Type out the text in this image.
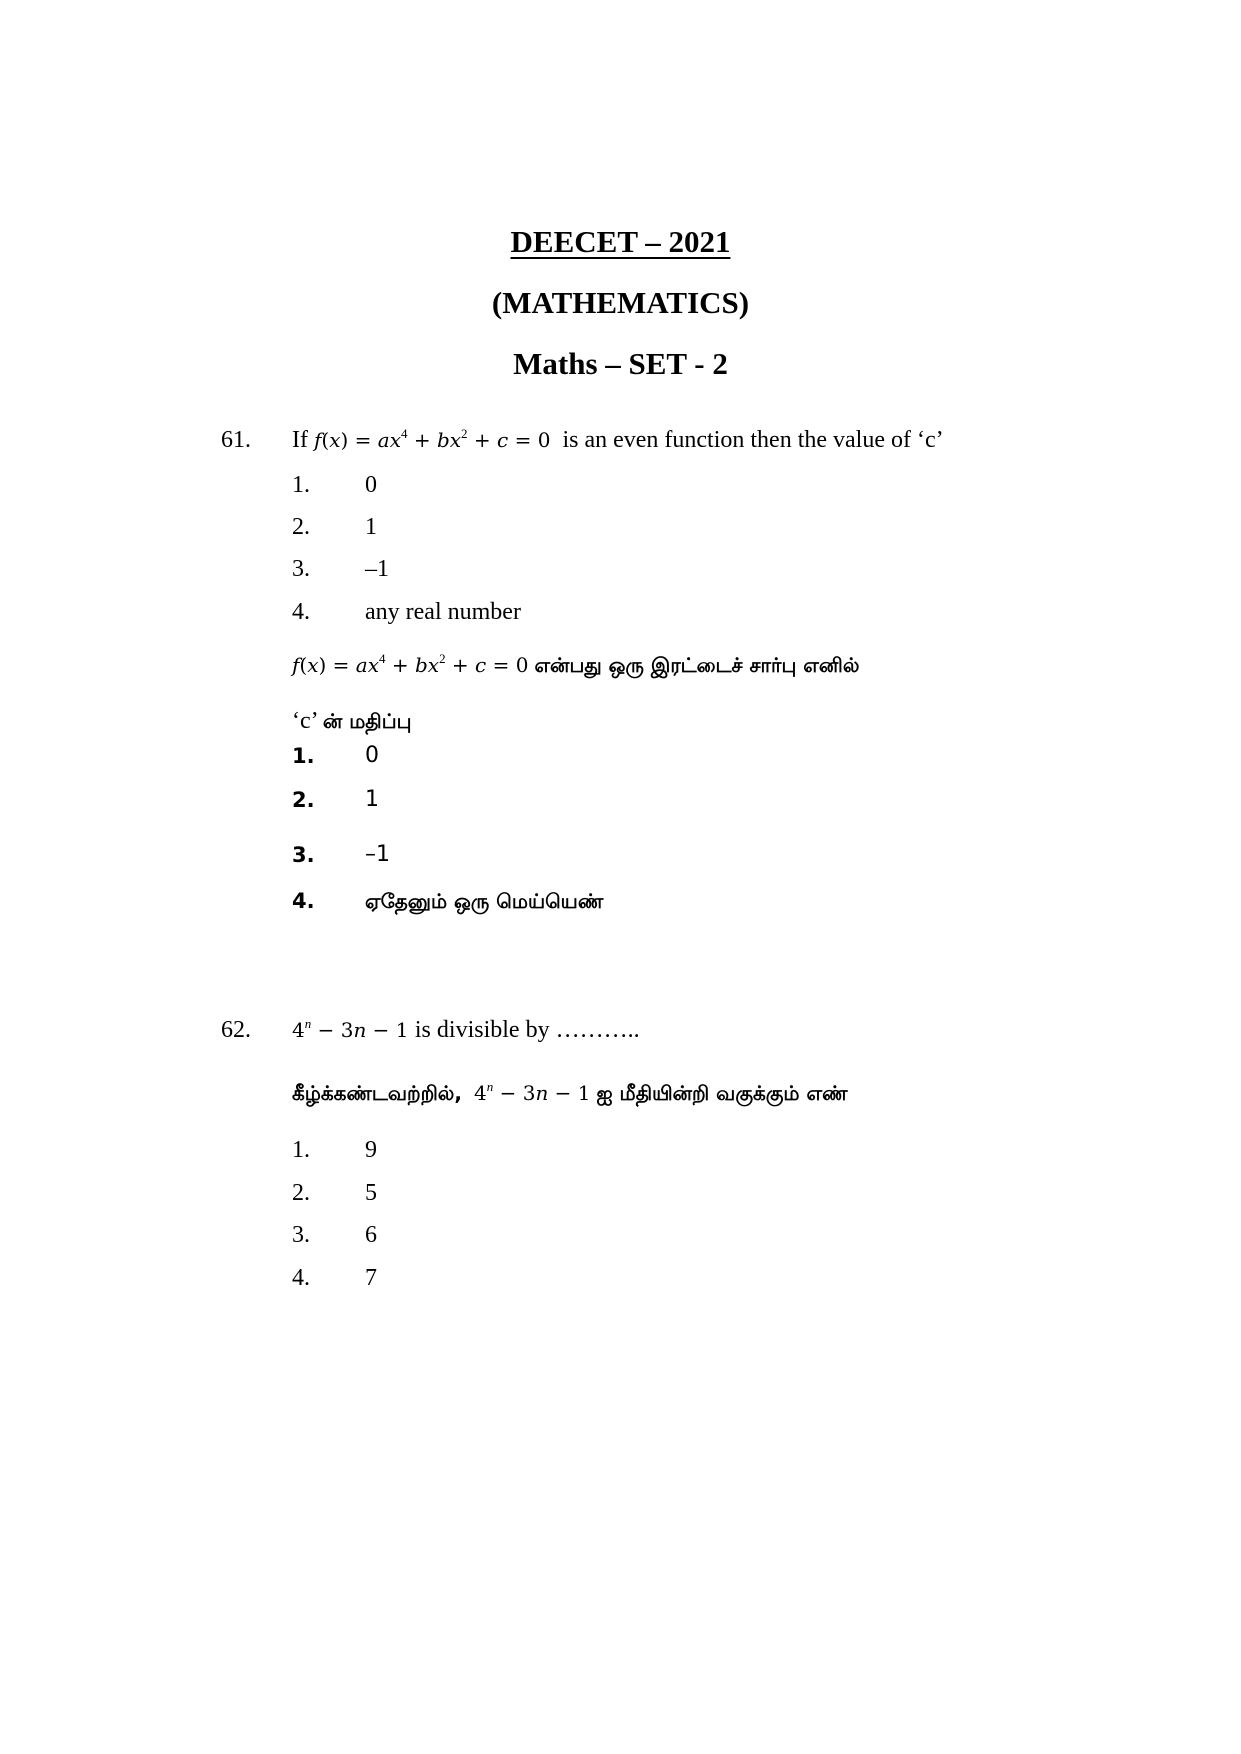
DEECET – 2021
(MATHEMATICS)
Maths – SET - 2
61. If $f(x) = ax^4 + bx^2 + c = 0$ is an even function then the value of ‘c’
1. 0
2. 1
3. –1
4. any real number
$f(x) = ax^4 + bx^2 + c = 0$ என்பது ஒரு இரட்டைச் சார்பு எனில்
‘c’ ன் மதிப்பு
1. 0
2. 1
3. –1
4.	ஏதேனும் ஒரு மெய்யெண்
62. $4^n - 3n - 1$ is divisible by ………..
கீழ்க்கண்டவற்றில், $4^n - 3n - 1$ ஐ மீதியின்றி வகுக்கும் எண்
1. 9
2. 5
3. 6
4. 7
